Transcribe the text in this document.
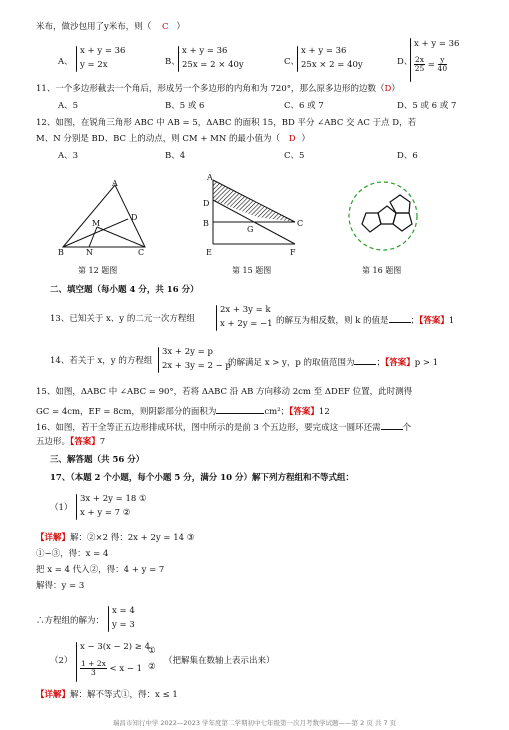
米布，做沙包用了y米布，则（ C ）
A、
x + y = 36
y = 2x	B、
x + y = 36
25x = 2 × 40y	C、
x + y = 36
25x × 2 = 40y	D、
x + y = 36
$\frac{2x}{25} = \frac{y}{40}$
11、一个多边形截去一个角后，形成另一个多边形的内角和为 720°，那么原多边形的边数（D）
A、5	B、5 或 6	C、6 或 7	D、5 或 6 或 7
12、如图，在锐角三角形 ABC 中 AB = 5，ΔABC 的面积 15，BD 平分 ∠ABC 交 AC 于点 D，若
M、N 分别是 BD、BC 上的动点，则 CM + MN 的最小值为（ D ）
A、3	B、4	C、5	D、6
A
D
M
B	N	C
第 12 题图
A
D
B
G
C
E	F
第 15 题图	第 16 题图
二、填空题（每小题 4 分，共 16 分）
13、已知关于 x、y 的二元一次方程组
2x + 3y = k
x + 2y = −1 的解互为相反数，则 k 的值是	；【答案】1
14、若关于 x，y 的方程组
3x + 2y = p
2x + 3y = 2 − p
的解满足 x > y，p 的取值范围为	；【答案】p > 1
15、如图，ΔABC 中 ∠ABC = 90°，若将 ΔABC 沿 AB 方向移动 2cm 至 ΔDEF 位置，此时测得
GC = 4cm，EF = 8cm，则阴影部分的面积为	cm²；【答案】12
16、如图，若干全等正五边形排成环状，图中所示的是前 3 个五边形，要完成这一圆环还需	个
五边形。【答案】7
三、解答题（共 56 分）
17、（本题 2 个小题，每个小题 5 分，满分 10 分）解下列方程组和不等式组：
（1）
3x + 2y = 18 ①
x + y = 7 ②
【详解】解：②×2 得：2x + 2y = 14 ③
①−③，得：x = 4
把 x = 4 代入②，得：4 + y = 7
解得：y = 3
∴方程组的解为：
x = 4
y = 3
（2）
x − 3(x − 2) ≥ 4
$\frac{1 + 2x}{3} < x - 1$
①
②
（把解集在数轴上表示出来）
【详解】解：解不等式①，得：x ≤ 1
瑞昌市知行中学 2022—2023 学年度第二学期初中七年级第一次月考数学试题——第 2 页 共 7 页
